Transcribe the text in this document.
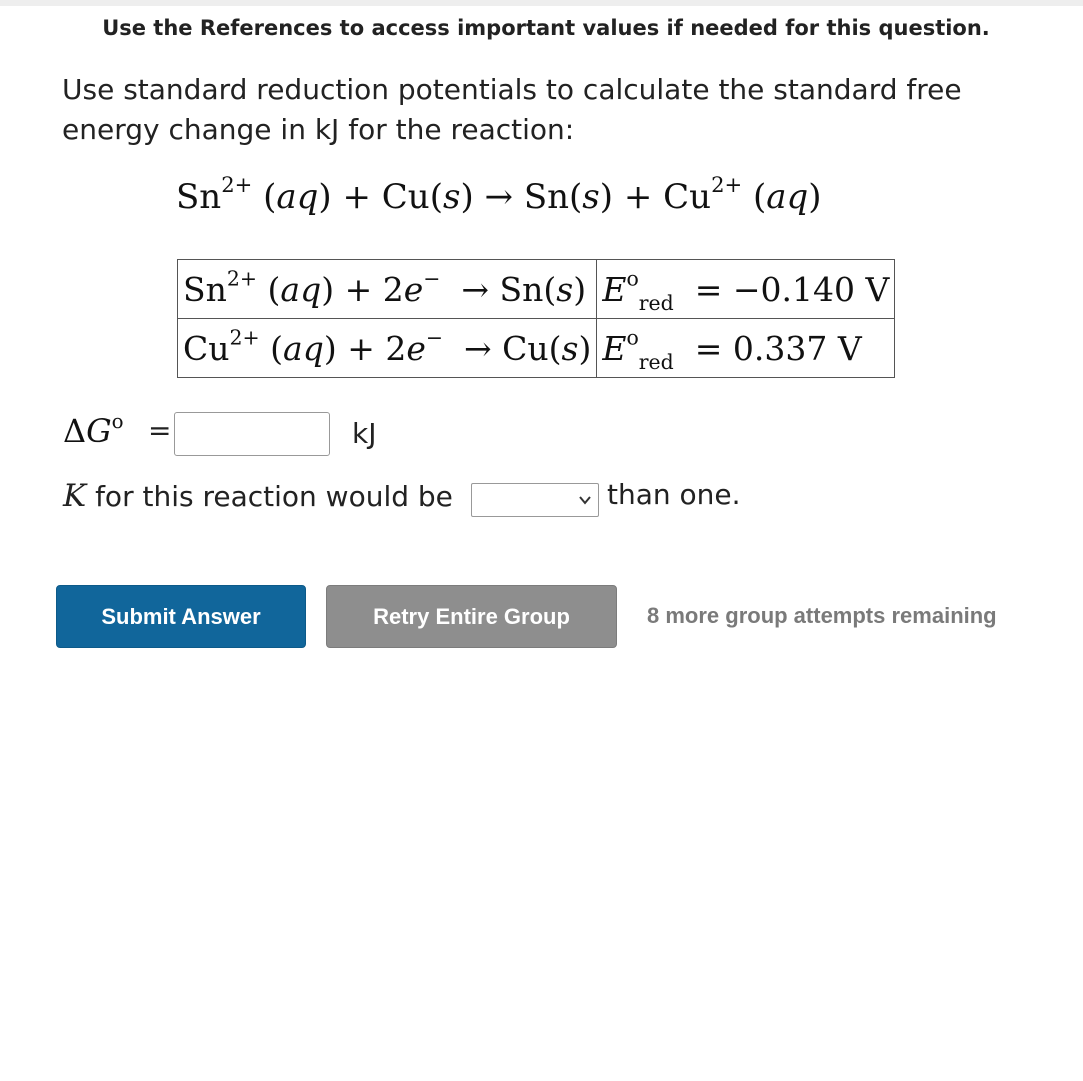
Use the References to access important values if needed for this question.
Use standard reduction potentials to calculate the standard free energy change in kJ for the reaction:
$Sn^{2+}$ $(aq) + Cu(s) \to Sn(s) + Cu^{2+}$ (aq)
$Sn^{2+}$ (aq) + 2e− → Sn(s)	$E^o_{red}$	= −0.140 V
$Cu^{2+}$ (aq) + 2e− → Cu(s)	$E^o_{red}$	= 0.337 V
$\Delta G^o$ =	kJ
K for this reaction would be	than one.
Submit Answer	Retry Entire Group	8 more group attempts remaining
